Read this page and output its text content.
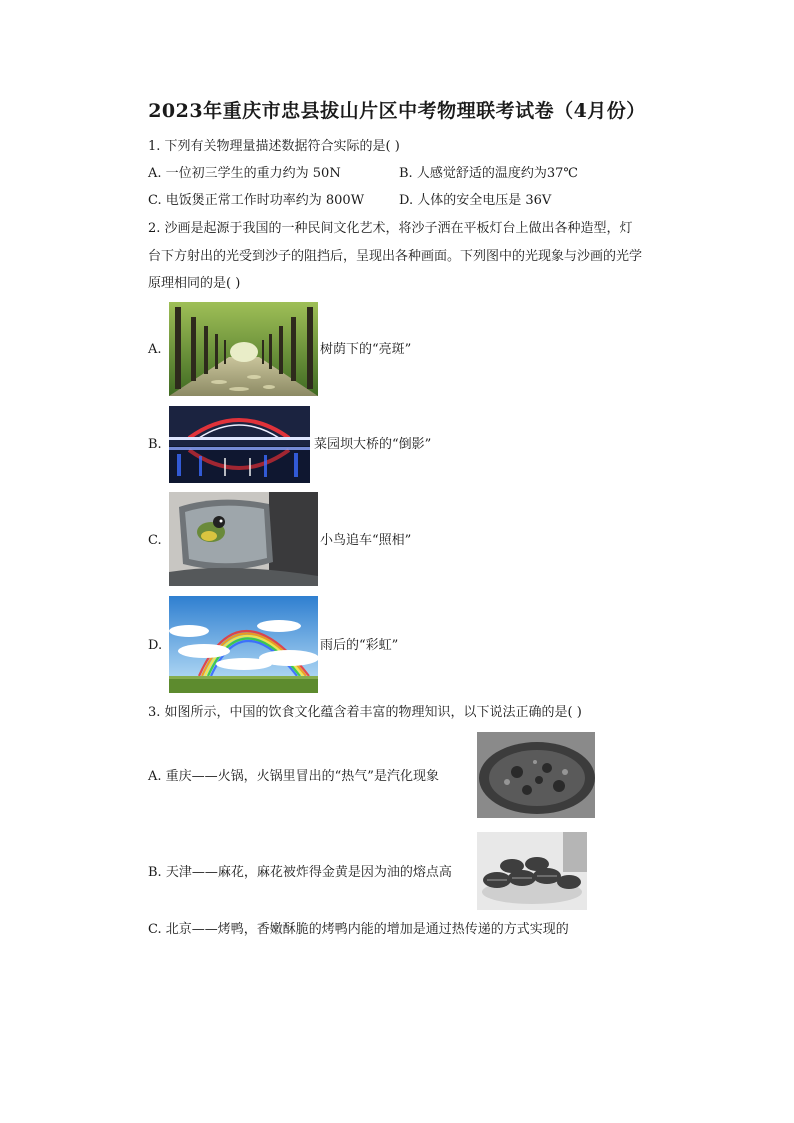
2023年重庆市忠县拔山片区中考物理联考试卷（4月份）
1. 下列有关物理量描述数据符合实际的是( )
A. 一位初三学生的重力约为 50N	B. 人感觉舒适的温度约为37℃
C. 电饭煲正常工作时功率约为 800W	D. 人体的安全电压是 36V
2. 沙画是起源于我国的一种民间文化艺术，将沙子洒在平板灯台上做出各种造型，灯
台下方射出的光受到沙子的阻挡后，呈现出各种画面。下列图中的光现象与沙画的光学
原理相同的是( )
A.	树荫下的“亮斑”
B.	菜园坝大桥的“倒影”
C.	小鸟追车“照相”
D.	雨后的“彩虹”
3. 如图所示，中国的饮食文化蕴含着丰富的物理知识，以下说法正确的是( )
A. 重庆——火锅，火锅里冒出的“热气”是汽化现象
B. 天津——麻花，麻花被炸得金黄是因为油的熔点高
C. 北京——烤鸭，香嫩酥脆的烤鸭内能的增加是通过热传递的方式实现的
